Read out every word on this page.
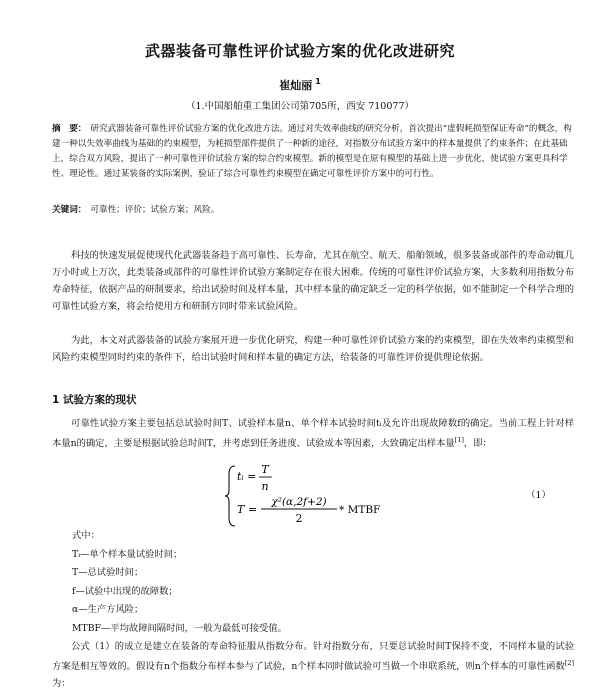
武器装备可靠性评价试验方案的优化改进研究
崔灿丽 $^1$
（1.中国船舶重工集团公司第705所，西安 710077）
摘　要： 研究武器装备可靠性评价试验方案的优化改进方法。通过对失效率曲线的研究分析，首次提出“虚假耗损型保证寿命”的概念，构建一种以失效率曲线为基础的约束模型，为耗损型部件提供了一种新的途径，对指数分布试验方案中的样本量提供了约束条件；在此基础上，综合双方风险，提出了一种可靠性评价试验方案的综合约束模型。新的模型是在原有模型的基础上进一步优化，使试验方案更具科学性、理论性。通过某装备的实际案例，验证了综合可靠性约束模型在确定可靠性评价方案中的可行性。
关键词： 可靠性；评价；试验方案；风险。
科技的快速发展促使现代化武器装备趋于高可靠性、长寿命，尤其在航空、航天、船舶领域，很多装备或部件的寿命动辄几万小时或上万次，此类装备或部件的可靠性评价试验方案制定存在很大困难。传统的可靠性评价试验方案，大多数利用指数分布寿命特征，依据产品的研制要求，给出试验时间及样本量，其中样本量的确定缺乏一定的科学依据，如不能制定一个科学合理的可靠性试验方案，将会给使用方和研制方同时带来试验风险。
为此，本文对武器装备的试验方案展开进一步优化研究，构建一种可靠性评价试验方案的约束模型，即在失效率约束模型和风险约束模型同时约束的条件下，给出试验时间和样本量的确定方法，给装备的可靠性评价提供理论依据。
1 试验方案的现状
可靠性试验方案主要包括总试验时间T、试验样本量n、单个样本试验时间tᵢ及允许出现故障数f的确定。当前工程上针对样本量n的确定，主要是根据试验总时间T，并考虑到任务进度、试验成本等因素，大致确定出样本量[1]，即：
tᵢ =
T
n
T =
χ²(α,2f+2)
2
* MTBF
（1）
式中：
Tᵢ—单个样本量试验时间；
T—总试验时间；
f—试验中出现的故障数；
α—生产方风险；
MTBF—平均故障间隔时间，一般为最低可接受值。
公式（1）的成立是建立在装备的寿命特征服从指数分布。针对指数分布，只要总试验时间T保持不变，不同样本量的试验方案是相互等效的。假设有n个指数分布样本参与了试验，n个样本同时做试验可当做一个串联系统，则n个样本的可靠性函数[2]为：
